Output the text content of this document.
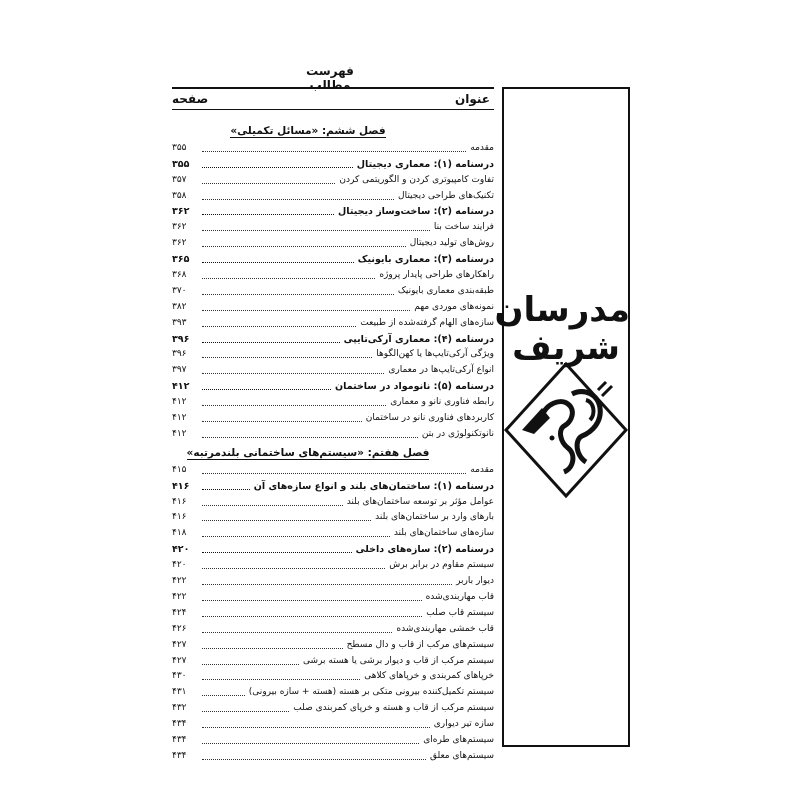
فهرست مطالب
عنوان
صفحه
فصل ششم: «مسائل تکمیلی»
مقدمه
۳۵۵
درسنامه (۱): معماری دیجیتال
۳۵۵
تفاوت کامپیوتری کردن و الگوریتمی کردن
۳۵۷
تکنیک‌های طراحی دیجیتال
۳۵۸
درسنامه (۲): ساخت‌وساز دیجیتال
۳۶۲
فرایند ساخت بنا
۳۶۲
روش‌های تولید دیجیتال
۳۶۲
درسنامه (۳): معماری بایونیک
۳۶۵
راهکارهای طراحی پایدار پروژه
۳۶۸
طبقه‌بندی معماری بایونیک
۳۷۰
نمونه‌های موردی مهم
۳۸۲
سازه‌های الهام گرفته‌شده از طبیعت
۳۹۳
درسنامه (۴): معماری آرکی‌تایپی
۳۹۶
ویژگی آرکی‌تایپ‌ها یا کهن‌الگوها
۳۹۶
انواع آرکی‌تایپ‌ها در معماری
۳۹۷
درسنامه (۵): نانومواد در ساختمان
۴۱۲
رابطه فناوری نانو و معماری
۴۱۲
کاربردهای فناوری نانو در ساختمان
۴۱۲
نانوتکنولوژی در بتن
۴۱۲
فصل هفتم: «سیستم‌های ساختمانی بلندمرتبه»
مقدمه
۴۱۵
درسنامه (۱): ساختمان‌های بلند و انواع سازه‌های آن
۴۱۶
عوامل مؤثر بر توسعه ساختمان‌های بلند
۴۱۶
بارهای وارد بر ساختمان‌های بلند
۴۱۶
سازه‌های ساختمان‌های بلند
۴۱۸
درسنامه (۲): سازه‌های داخلی
۴۲۰
سیستم مقاوم در برابر برش
۴۲۰
دیوار باربر
۴۲۲
قاب مهاربندی‌شده
۴۲۲
سیستم قاب صلب
۴۲۴
قاب خمشی مهاربندی‌شده
۴۲۶
سیستم‌های مرکب از قاب و دال مسطح
۴۲۷
سیستم مرکب از قاب و دیوار برشی یا هسته برشی
۴۲۷
خرپاهای کمربندی و خرپاهای کلاهی
۴۳۰
سیستم تکمیل‌کننده بیرونی متکی بر هسته (هسته + سازه بیرونی)
۴۳۱
سیستم مرکب از قاب و هسته و خرپای کمربندی صلب
۴۳۲
سازه تیر دیواری
۴۳۴
سیستم‌های طره‌ای
۴۳۴
سیستم‌های معلق
۴۳۴
مدرسان
شریف
